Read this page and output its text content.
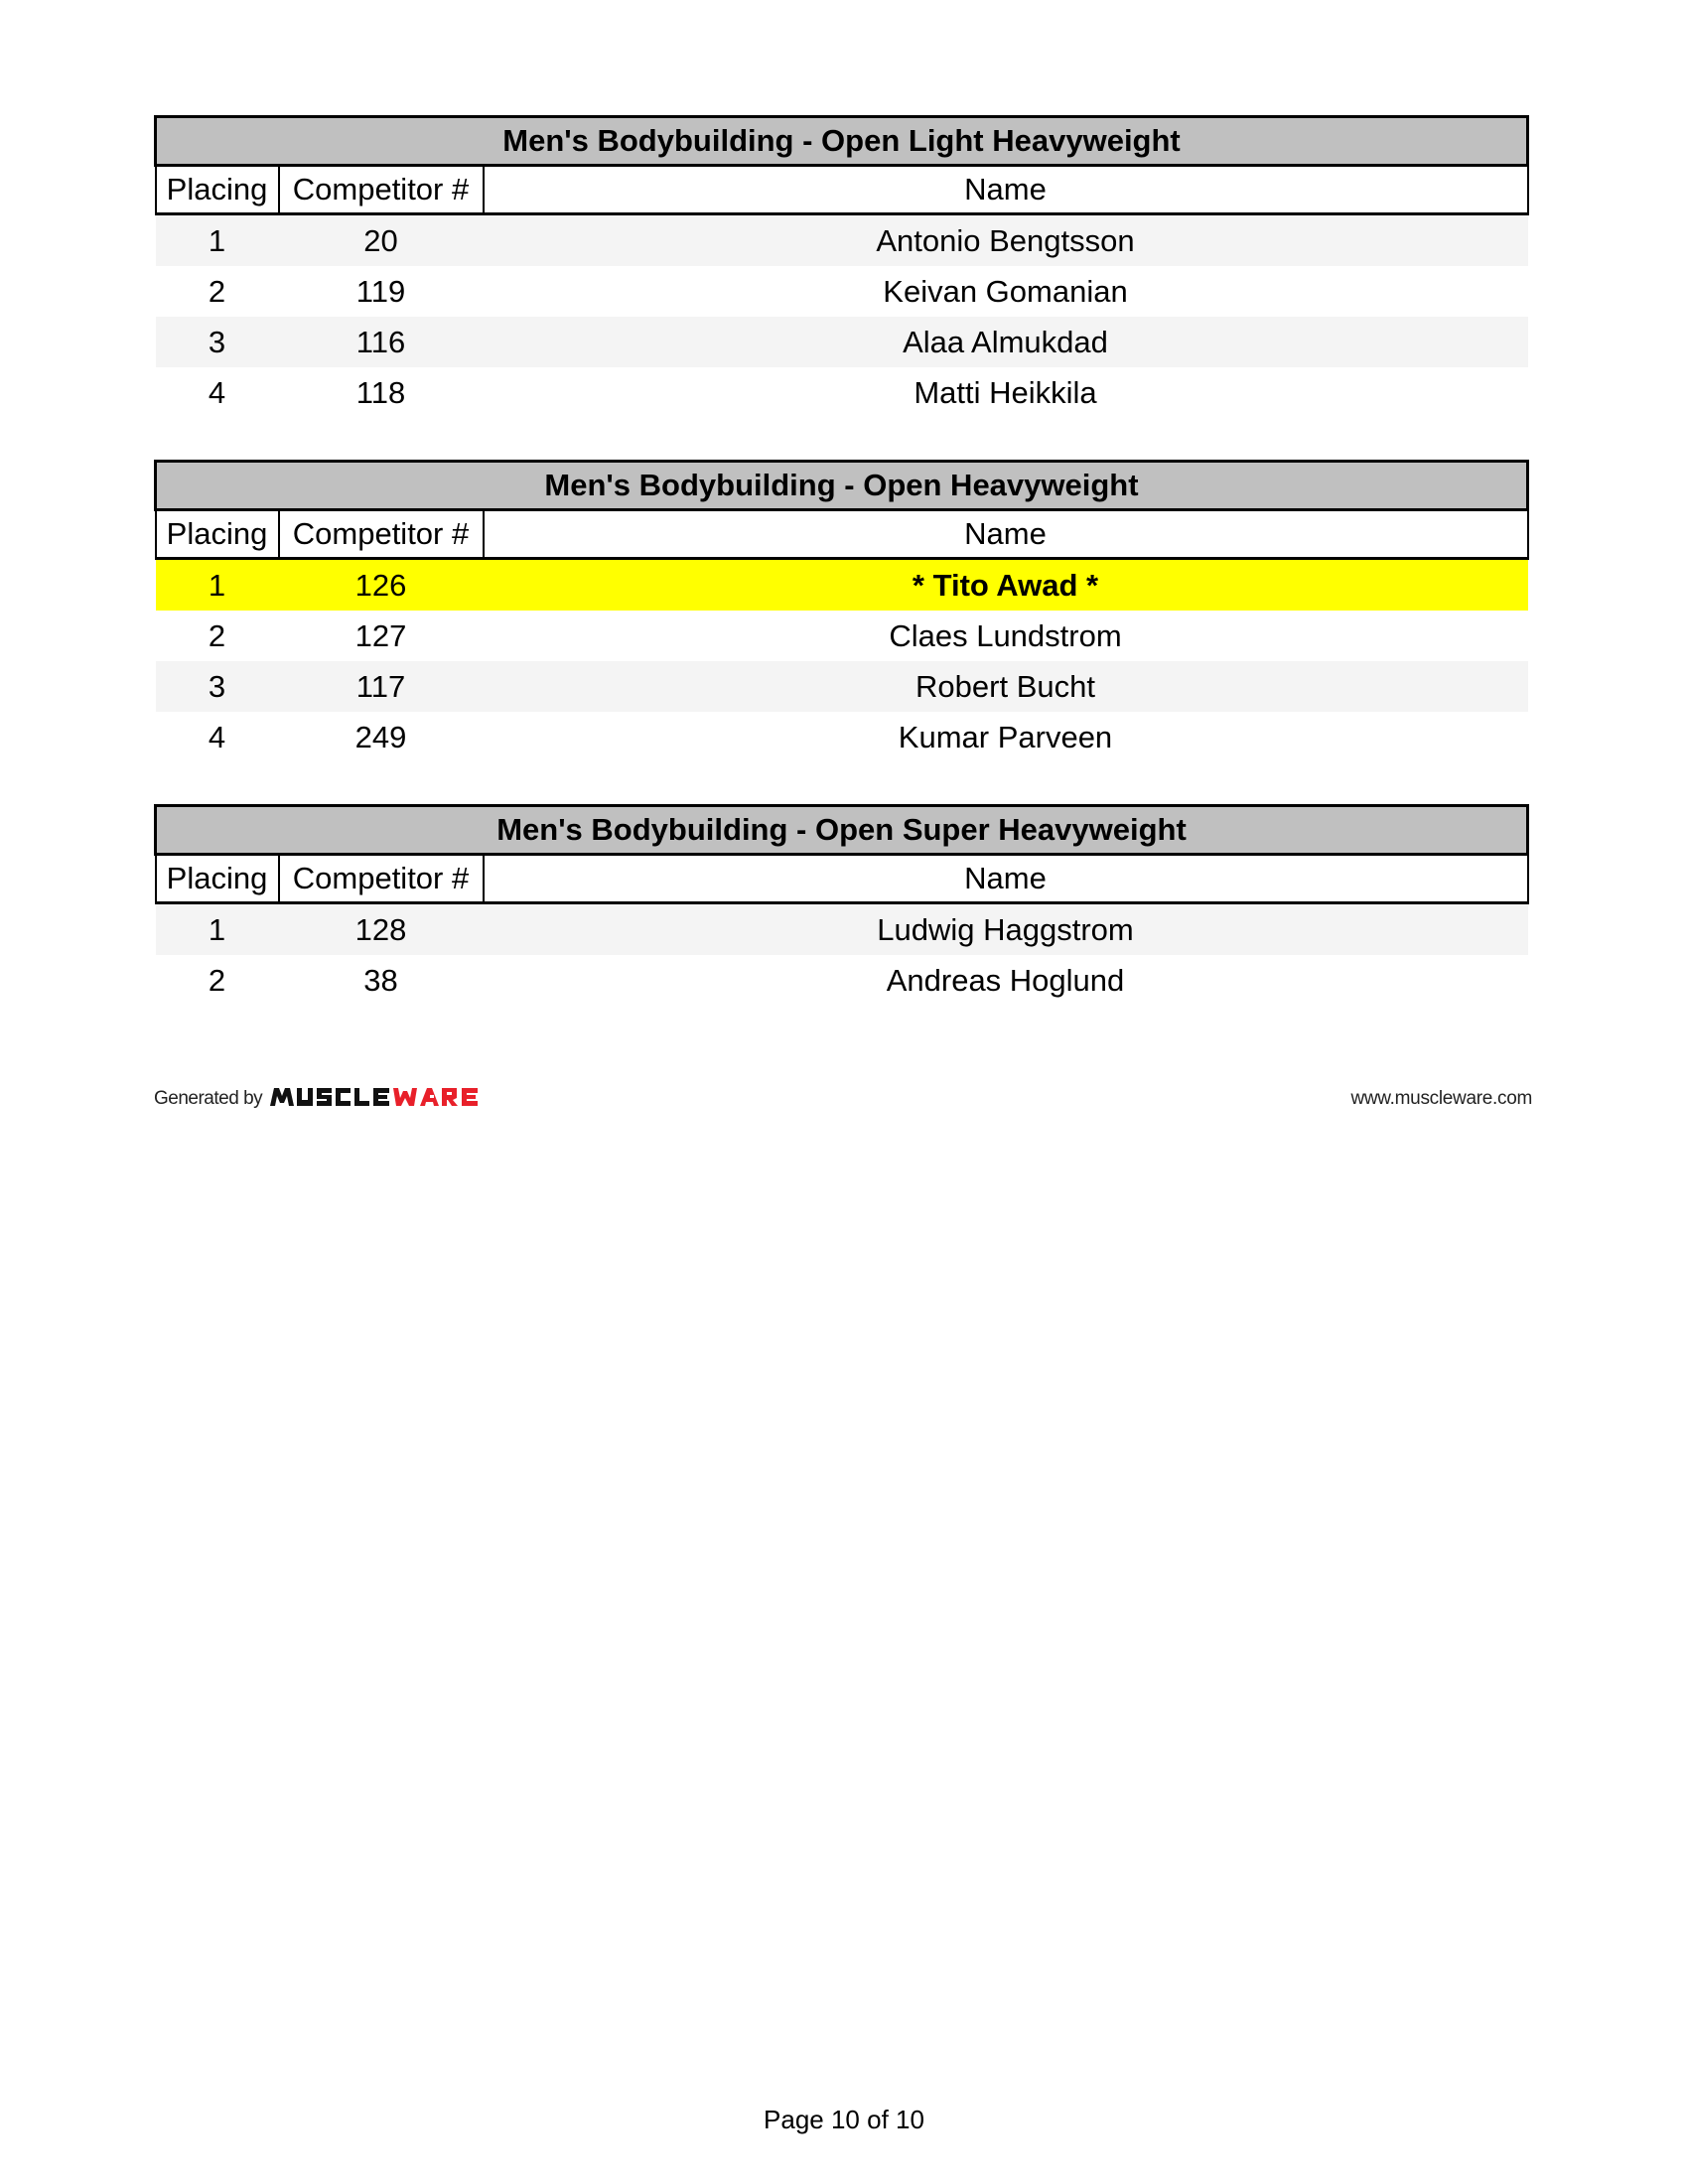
Men's Bodybuilding - Open Light Heavyweight		
Placing	Competitor #	Name
1	20	Antonio Bengtsson
2	119	Keivan Gomanian
3	116	Alaa Almukdad
4	118	Matti Heikkila
Men's Bodybuilding - Open Heavyweight		
Placing	Competitor #	Name
1	126	* Tito Awad *
2	127	Claes Lundstrom
3	117	Robert Bucht
4	249	Kumar Parveen
Men's Bodybuilding - Open Super Heavyweight		
Placing	Competitor #	Name
1	128	Ludwig Haggstrom
2	38	Andreas Hoglund
Generated by	www.muscleware.com
Page 10 of 10
